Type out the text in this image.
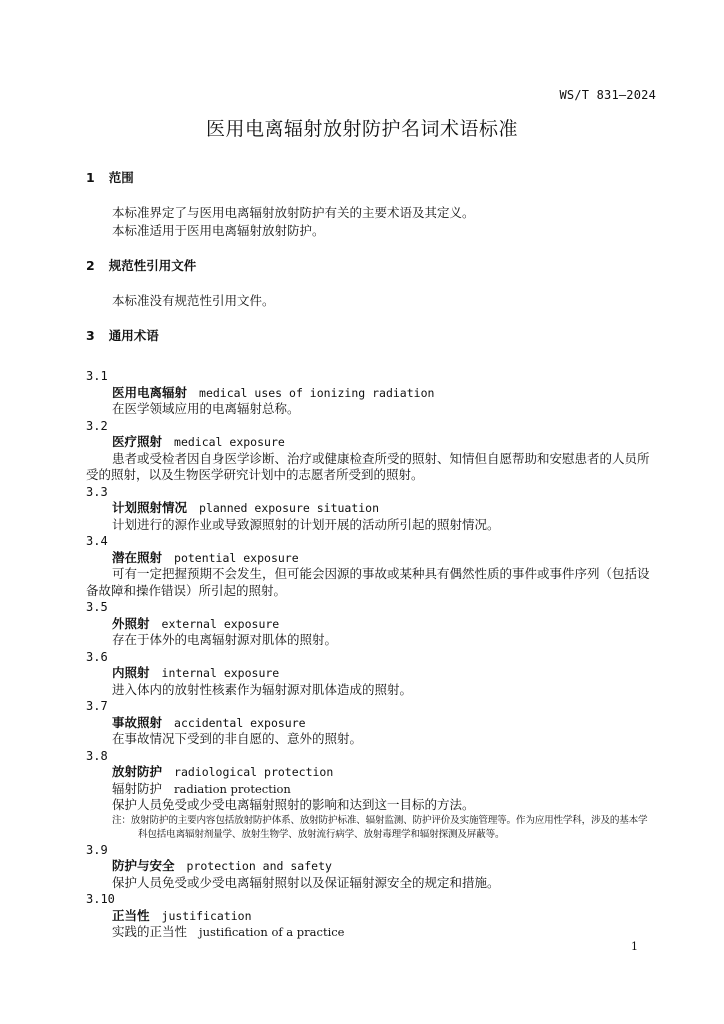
WS/T 831—2024
医用电离辐射放射防护名词术语标准
1 范围
本标准界定了与医用电离辐射放射防护有关的主要术语及其定义。
本标准适用于医用电离辐射放射防护。
2 规范性引用文件
本标准没有规范性引用文件。
3 通用术语
3.1
医用电离辐射 medical uses of ionizing radiation
在医学领域应用的电离辐射总称。
3.2
医疗照射 medical exposure
患者或受检者因自身医学诊断、治疗或健康检查所受的照射、知情但自愿帮助和安慰患者的人员所受的照射，以及生物医学研究计划中的志愿者所受到的照射。
3.3
计划照射情况 planned exposure situation
计划进行的源作业或导致源照射的计划开展的活动所引起的照射情况。
3.4
潜在照射 potential exposure
可有一定把握预期不会发生，但可能会因源的事故或某种具有偶然性质的事件或事件序列（包括设备故障和操作错误）所引起的照射。
3.5
外照射 external exposure
存在于体外的电离辐射源对肌体的照射。
3.6
内照射 internal exposure
进入体内的放射性核素作为辐射源对肌体造成的照射。
3.7
事故照射 accidental exposure
在事故情况下受到的非自愿的、意外的照射。
3.8
放射防护 radiological protection
辐射防护 radiation protection
保护人员免受或少受电离辐射照射的影响和达到这一目标的方法。
注：放射防护的主要内容包括放射防护体系、放射防护标准、辐射监测、防护评价及实施管理等。作为应用性学科，涉及的基本学科包括电离辐射剂量学、放射生物学、放射流行病学、放射毒理学和辐射探测及屏蔽等。
3.9
防护与安全 protection and safety
保护人员免受或少受电离辐射照射以及保证辐射源安全的规定和措施。
3.10
正当性 justification
实践的正当性 justification of a practice
1
